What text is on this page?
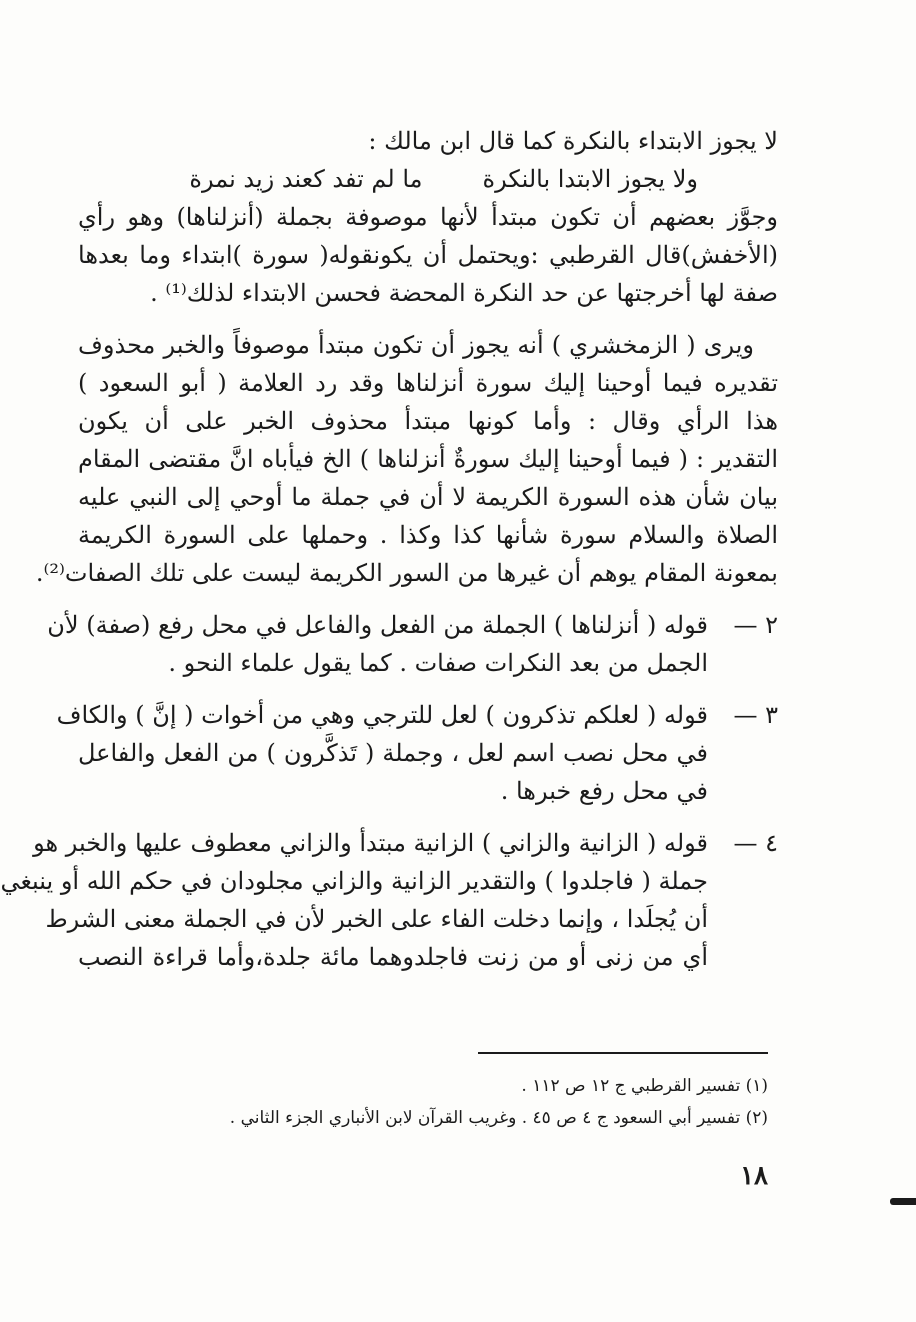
لا يجوز الابتداء بالنكرة كما قال ابن مالك :
ولا يجوز الابتدا بالنكرة
ما لم تفد كعند زيد نمرة
وجوَّز بعضهم أن تكون مبتدأ لأنها موصوفة بجملة (أنزلناها) وهو رأي
(الأخفش)قال القرطبي :ويحتمل أن يكونقوله( سورة )ابتداء وما بعدها
صفة لها أخرجتها عن حد النكرة المحضة فحسن الابتداء لذلك⁽¹⁾ .
ويرى ( الزمخشري ) أنه يجوز أن تكون مبتدأ موصوفاً والخبر محذوف
تقديره فيما أوحينا إليك سورة أنزلناها وقد رد العلامة ( أبو السعود )
هذا الرأي وقال : وأما كونها مبتدأ محذوف الخبر على أن يكون
التقدير : ( فيما أوحينا إليك سورةٌ أنزلناها ) الخ فيأباه انَّ مقتضى المقام
بيان شأن هذه السورة الكريمة لا أن في جملة ما أوحي إلى النبي عليه
الصلاة والسلام سورة شأنها كذا وكذا . وحملها على السورة الكريمة
بمعونة المقام يوهم أن غيرها من السور الكريمة ليست على تلك الصفات⁽²⁾.
٢ —
قوله ( أنزلناها ) الجملة من الفعل والفاعل في محل رفع (صفة) لأن
الجمل من بعد النكرات صفات . كما يقول علماء النحو .
٣ —
قوله ( لعلكم تذكرون ) لعل للترجي وهي من أخوات ( إنَّ ) والكاف
في محل نصب اسم لعل ، وجملة ( تَذكَّرون ) من الفعل والفاعل
في محل رفع خبرها .
٤ —
قوله ( الزانية والزاني ) الزانية مبتدأ والزاني معطوف عليها والخبر هو
جملة ( فاجلدوا ) والتقدير الزانية والزاني مجلودان في حكم الله أو ينبغي
أن يُجلَدا ، وإنما دخلت الفاء على الخبر لأن في الجملة معنى الشرط
أي من زنى أو من زنت فاجلدوهما مائة جلدة،وأما قراءة النصب
(١) تفسير القرطبي ج ١٢ ص ١١٢ .
(٢) تفسير أبي السعود ج ٤ ص ٤٥ . وغريب القرآن لابن الأنباري الجزء الثاني .
١٨
